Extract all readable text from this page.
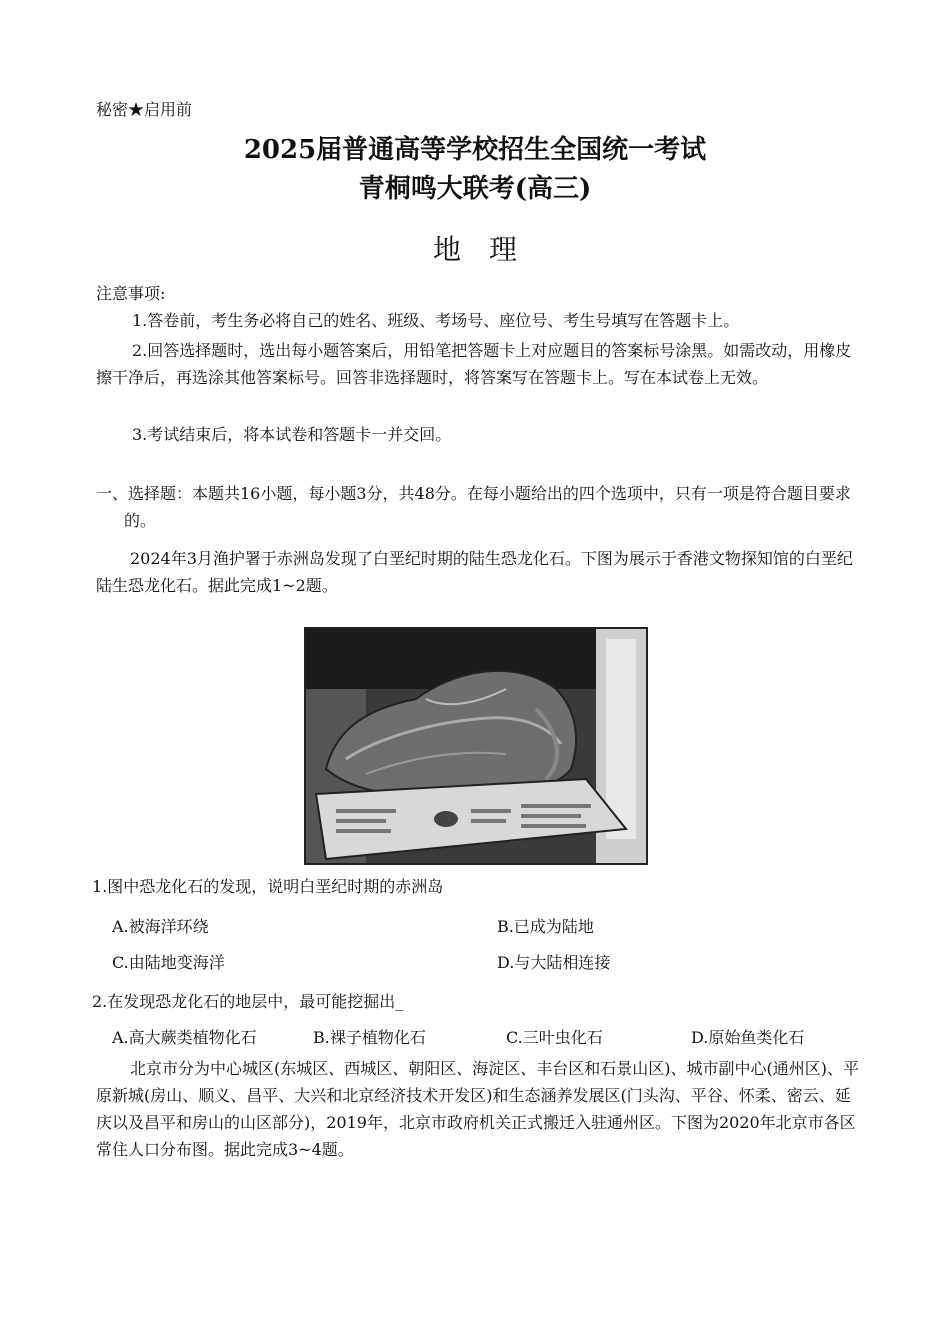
秘密★启用前
2025届普通高等学校招生全国统一考试
青桐鸣大联考(高三)
地理
注意事项:
1.答卷前，考生务必将自己的姓名、班级、考场号、座位号、考生号填写在答题卡上。
2.回答选择题时，选出每小题答案后，用铅笔把答题卡上对应题目的答案标号涂黑。如需改动，用橡皮擦干净后，再选涂其他答案标号。回答非选择题时，将答案写在答题卡上。写在本试卷上无效。
3.考试结束后，将本试卷和答题卡一并交回。
一、选择题：本题共16小题，每小题3分，共48分。在每小题给出的四个选项中，只有一项是符合题目要求的。
2024年3月渔护署于赤洲岛发现了白垩纪时期的陆生恐龙化石。下图为展示于香港文物探知馆的白垩纪陆生恐龙化石。据此完成1~2题。
1.图中恐龙化石的发现，说明白垩纪时期的赤洲岛
A.被海洋环绕	B.已成为陆地
C.由陆地变海洋	D.与大陆相连接
2.在发现恐龙化石的地层中，最可能挖掘出_
A.高大蕨类植物化石	B.裸子植物化石	C.三叶虫化石	D.原始鱼类化石
北京市分为中心城区(东城区、西城区、朝阳区、海淀区、丰台区和石景山区)、城市副中心(通州区)、平原新城(房山、顺义、昌平、大兴和北京经济技术开发区)和生态涵养发展区(门头沟、平谷、怀柔、密云、延庆以及昌平和房山的山区部分)，2019年，北京市政府机关正式搬迁入驻通州区。下图为2020年北京市各区常住人口分布图。据此完成3~4题。
